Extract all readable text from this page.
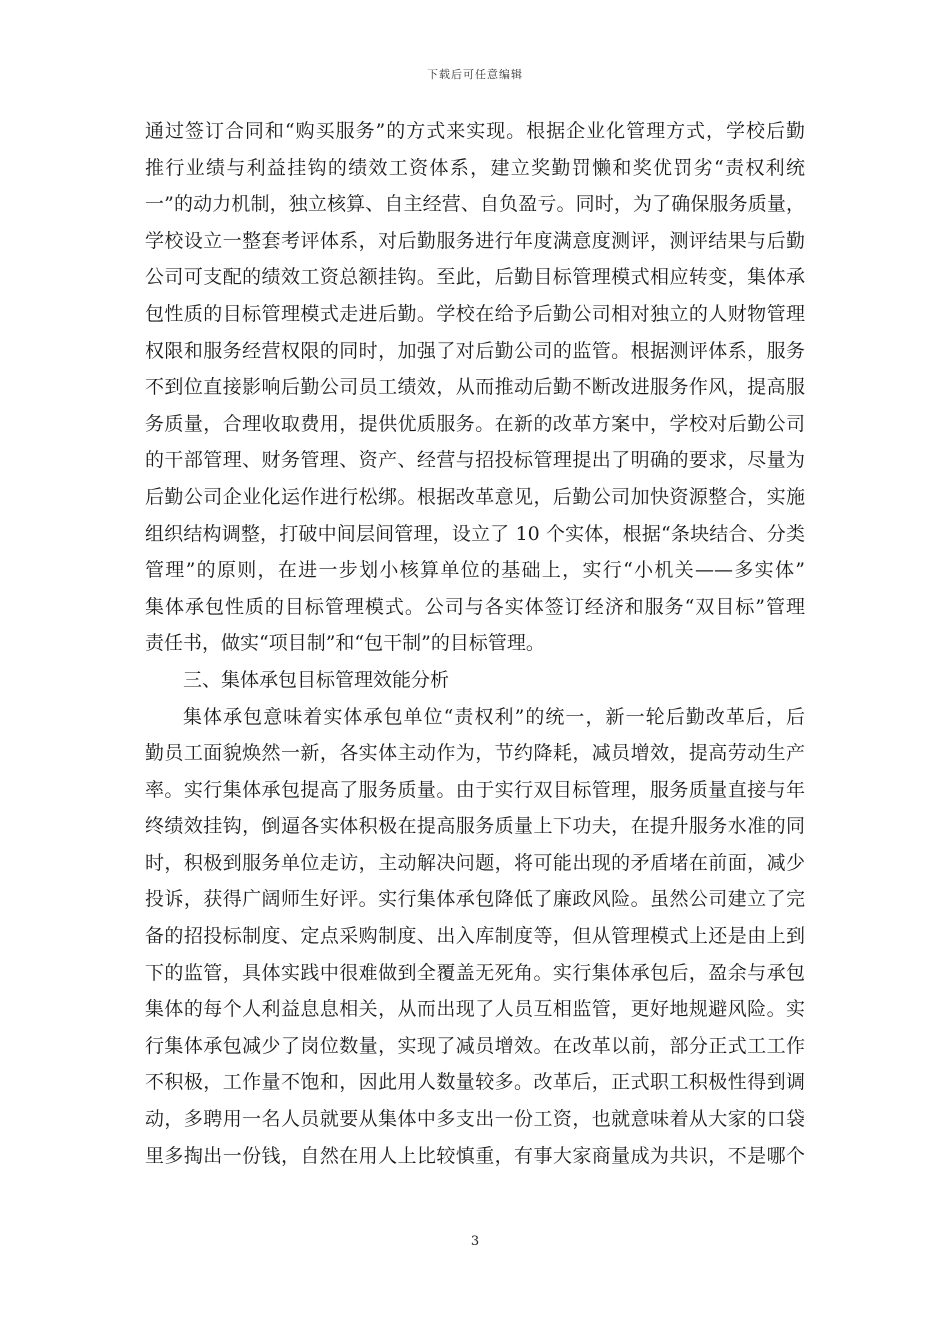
下载后可任意编辑

通过签订合同和“购买服务”的方式来实现。根据企业化管理方式，学校后勤
推行业绩与利益挂钩的绩效工资体系，建立奖勤罚懒和奖优罚劣“责权利统
一”的动力机制，独立核算、自主经营、自负盈亏。同时，为了确保服务质量，
学校设立一整套考评体系，对后勤服务进行年度满意度测评，测评结果与后勤
公司可支配的绩效工资总额挂钩。至此，后勤目标管理模式相应转变，集体承
包性质的目标管理模式走进后勤。学校在给予后勤公司相对独立的人财物管理
权限和服务经营权限的同时，加强了对后勤公司的监管。根据测评体系，服务
不到位直接影响后勤公司员工绩效，从而推动后勤不断改进服务作风，提高服
务质量，合理收取费用，提供优质服务。在新的改革方案中，学校对后勤公司
的干部管理、财务管理、资产、经营与招投标管理提出了明确的要求，尽量为
后勤公司企业化运作进行松绑。根据改革意见，后勤公司加快资源整合，实施
组织结构调整，打破中间层间管理，设立了 10 个实体，根据“条块结合、分类
管理”的原则，在进一步划小核算单位的基础上，实行“小机关——多实体”
集体承包性质的目标管理模式。公司与各实体签订经济和服务“双目标”管理
责任书，做实“项目制”和“包干制”的目标管理。

三、集体承包目标管理效能分析

集体承包意味着实体承包单位“责权利”的统一，新一轮后勤改革后，后
勤员工面貌焕然一新，各实体主动作为，节约降耗，减员增效，提高劳动生产
率。实行集体承包提高了服务质量。由于实行双目标管理，服务质量直接与年
终绩效挂钩，倒逼各实体积极在提高服务质量上下功夫，在提升服务水准的同
时，积极到服务单位走访，主动解决问题，将可能出现的矛盾堵在前面，减少
投诉，获得广阔师生好评。实行集体承包降低了廉政风险。虽然公司建立了完
备的招投标制度、定点采购制度、出入库制度等，但从管理模式上还是由上到
下的监管，具体实践中很难做到全覆盖无死角。实行集体承包后，盈余与承包
集体的每个人利益息息相关，从而出现了人员互相监管，更好地规避风险。实
行集体承包减少了岗位数量，实现了减员增效。在改革以前，部分正式工工作
不积极，工作量不饱和，因此用人数量较多。改革后，正式职工积极性得到调
动，多聘用一名人员就要从集体中多支出一份工资，也就意味着从大家的口袋
里多掏出一份钱，自然在用人上比较慎重，有事大家商量成为共识，不是哪个

3
